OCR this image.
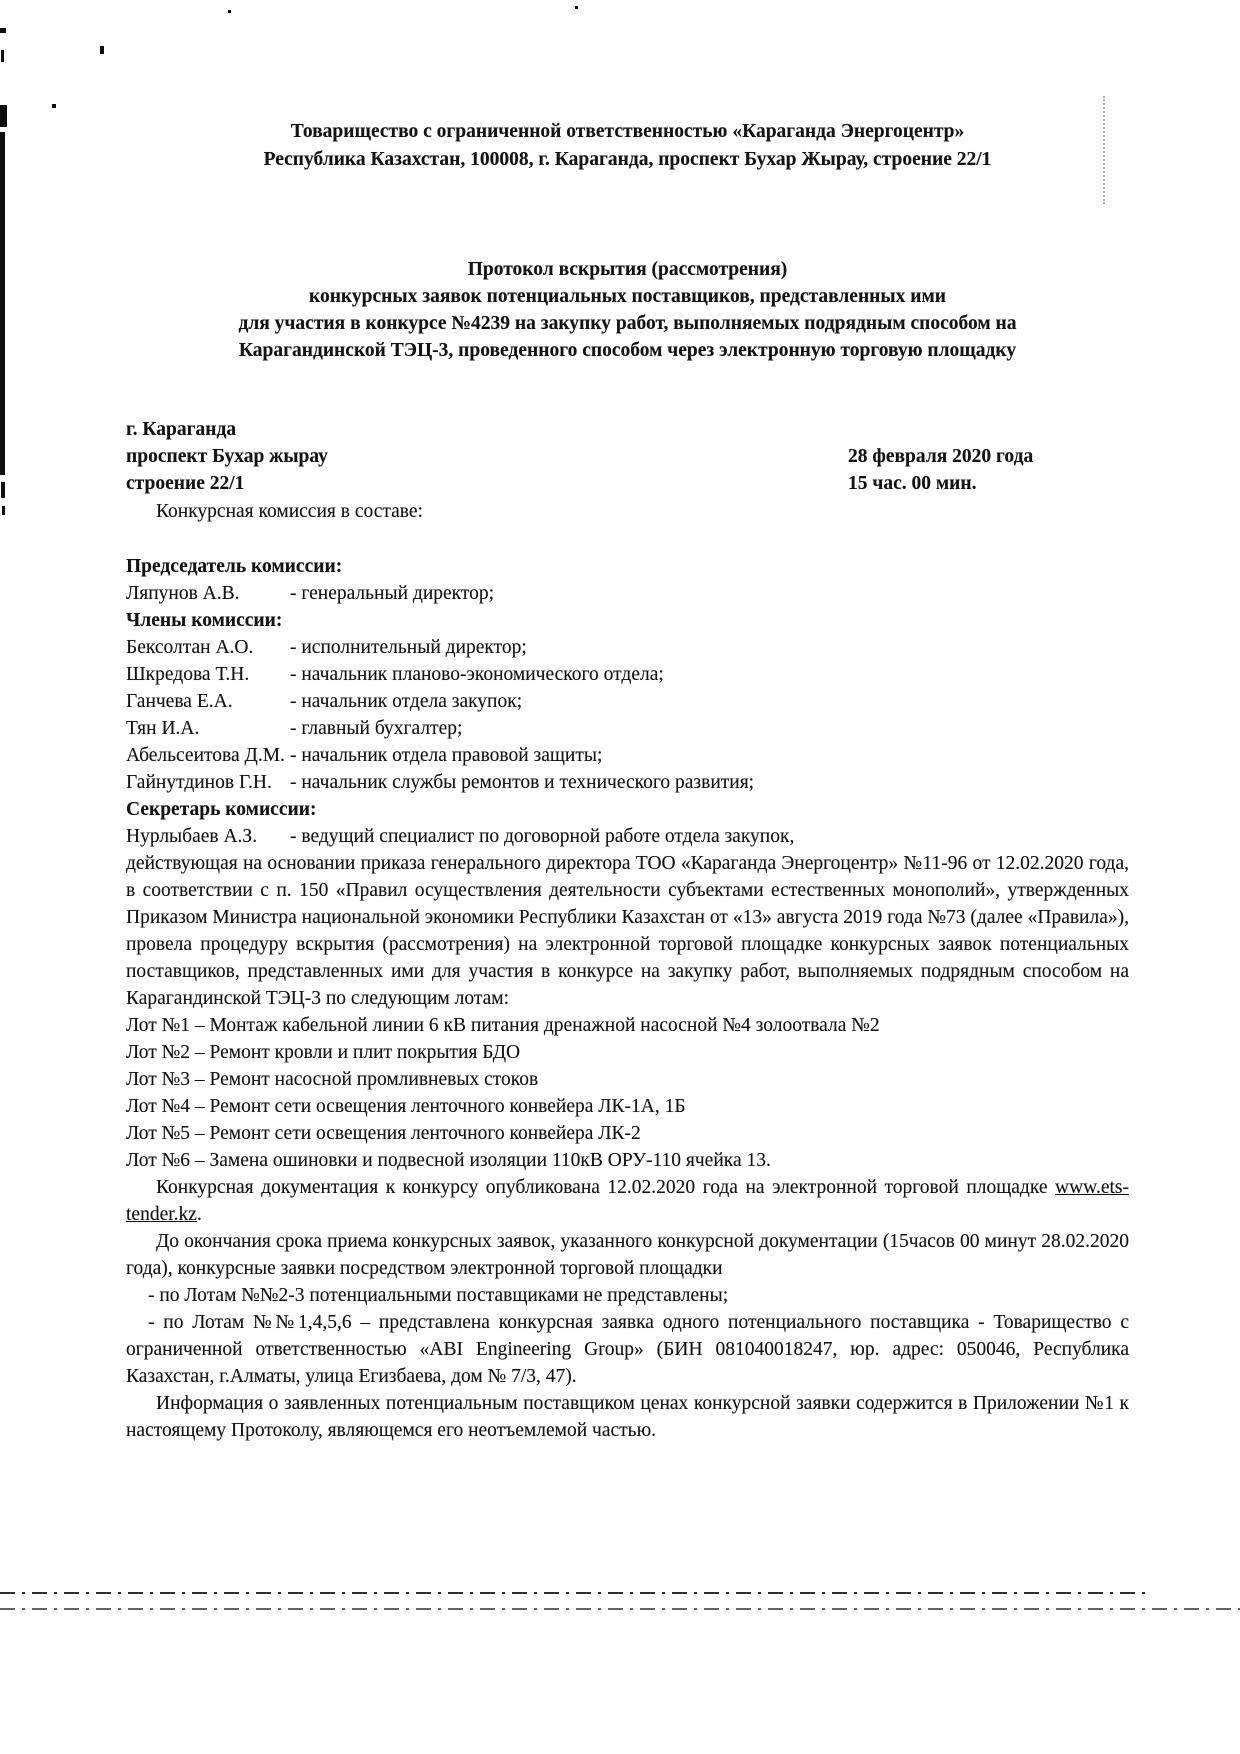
Товарищество с ограниченной ответственностью «Караганда Энергоцентр»
Республика Казахстан, 100008, г. Караганда, проспект Бухар Жырау, строение 22/1
Протокол вскрытия (рассмотрения)
конкурсных заявок потенциальных поставщиков, представленных ими
для участия в конкурсе №4239 на закупку работ, выполняемых подрядным способом на
Карагандинской ТЭЦ-3, проведенного способом через электронную торговую площадку
г. Караганда
проспект Бухар жырау
строение 22/1
28 февраля 2020 года
15 час. 00 мин.

Конкурсная комиссия в составе:

Председатель комиссии:
Ляпунов А.В.	- генеральный директор;
Члены комиссии:
Бексолтан А.О.	- исполнительный директор;
Шкредова Т.Н.	- начальник планово-экономического отдела;
Ганчева Е.А.	- начальник отдела закупок;
Тян И.А.	- главный бухгалтер;
Абельсеитова Д.М. - начальник отдела правовой защиты;
Гайнутдинов Г.Н. - начальник службы ремонтов и технического развития;
Секретарь комиссии:
Нурлыбаев А.З.	- ведущий специалист по договорной работе отдела закупок,

действующая на основании приказа генерального директора ТОО «Караганда Энергоцентр» №11-96 от 12.02.2020 года, в соответствии с п. 150 «Правил осуществления деятельности субъектами естественных монополий», утвержденных Приказом Министра национальной экономики Республики Казахстан от «13» августа 2019 года №73 (далее «Правила»), провела процедуру вскрытия (рассмотрения) на электронной торговой площадке конкурсных заявок потенциальных поставщиков, представленных ими для участия в конкурсе на закупку работ, выполняемых подрядным способом на Карагандинской ТЭЦ-3 по следующим лотам:

Лот №1 – Монтаж кабельной линии 6 кВ питания дренажной насосной №4 золоотвала №2
Лот №2 – Ремонт кровли и плит покрытия БДО
Лот №3 – Ремонт насосной промливневых стоков
Лот №4 – Ремонт сети освещения ленточного конвейера ЛК-1А, 1Б
Лот №5 – Ремонт сети освещения ленточного конвейера ЛК-2
Лот №6 – Замена ошиновки и подвесной изоляции 110кВ ОРУ-110 ячейка 13.

Конкурсная документация к конкурсу опубликована 12.02.2020 года на электронной торговой площадке www.ets-tender.kz.

До окончания срока приема конкурсных заявок, указанного конкурсной документации (15часов 00 минут 28.02.2020 года), конкурсные заявки посредством электронной торговой площадки

- по Лотам №№2-3 потенциальными поставщиками не представлены;

- по Лотам №№1,4,5,6 – представлена конкурсная заявка одного потенциального поставщика - Товарищество с ограниченной ответственностью «ABI Engineering Group» (БИН 081040018247, юр. адрес: 050046, Республика Казахстан, г.Алматы, улица Егизбаева, дом № 7/3, 47).

Информация о заявленных потенциальным поставщиком ценах конкурсной заявки содержится в Приложении №1 к настоящему Протоколу, являющемся его неотъемлемой частью.
